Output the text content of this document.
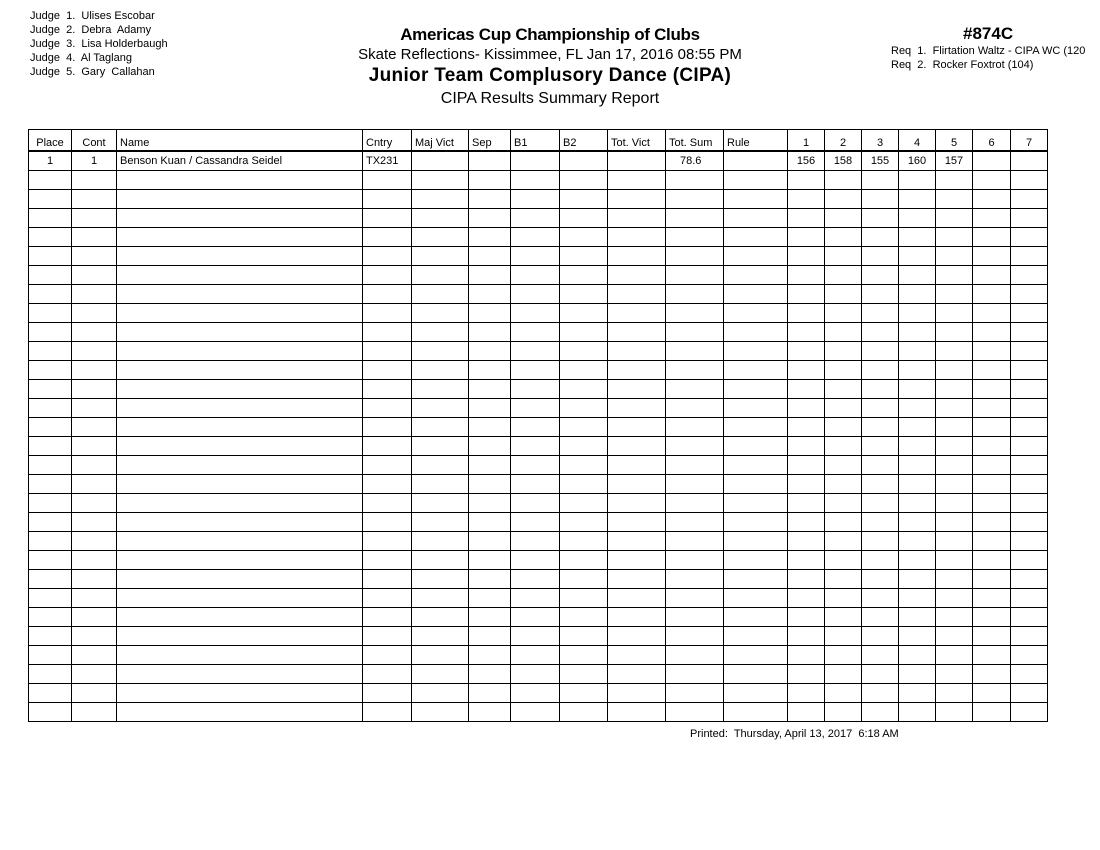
Judge  1.  Ulises Escobar
Judge  2.  Debra  Adamy
Judge  3.  Lisa Holderbaugh
Judge  4.  Al Taglang
Judge  5.  Gary  Callahan
Americas Cup Championship of Clubs
Skate Reflections- Kissimmee, FL Jan 17, 2016 08:55 PM
Junior Team Complusory Dance (CIPA)
CIPA Results Summary Report
#874C
Req  1.  Flirtation Waltz - CIPA WC (120
Req  2.  Rocker Foxtrot (104)
Place	Cont	Name	Cntry	Maj Vict	Sep	B1	B2	Tot. Vict	Tot. Sum	Rule	1	2	3	4	5	6	7
1	1	Benson Kuan / Cassandra Seidel	TX231						78.6		156	158	155	160	157		

Printed:  Thursday, April 13, 2017  6:18 AM
